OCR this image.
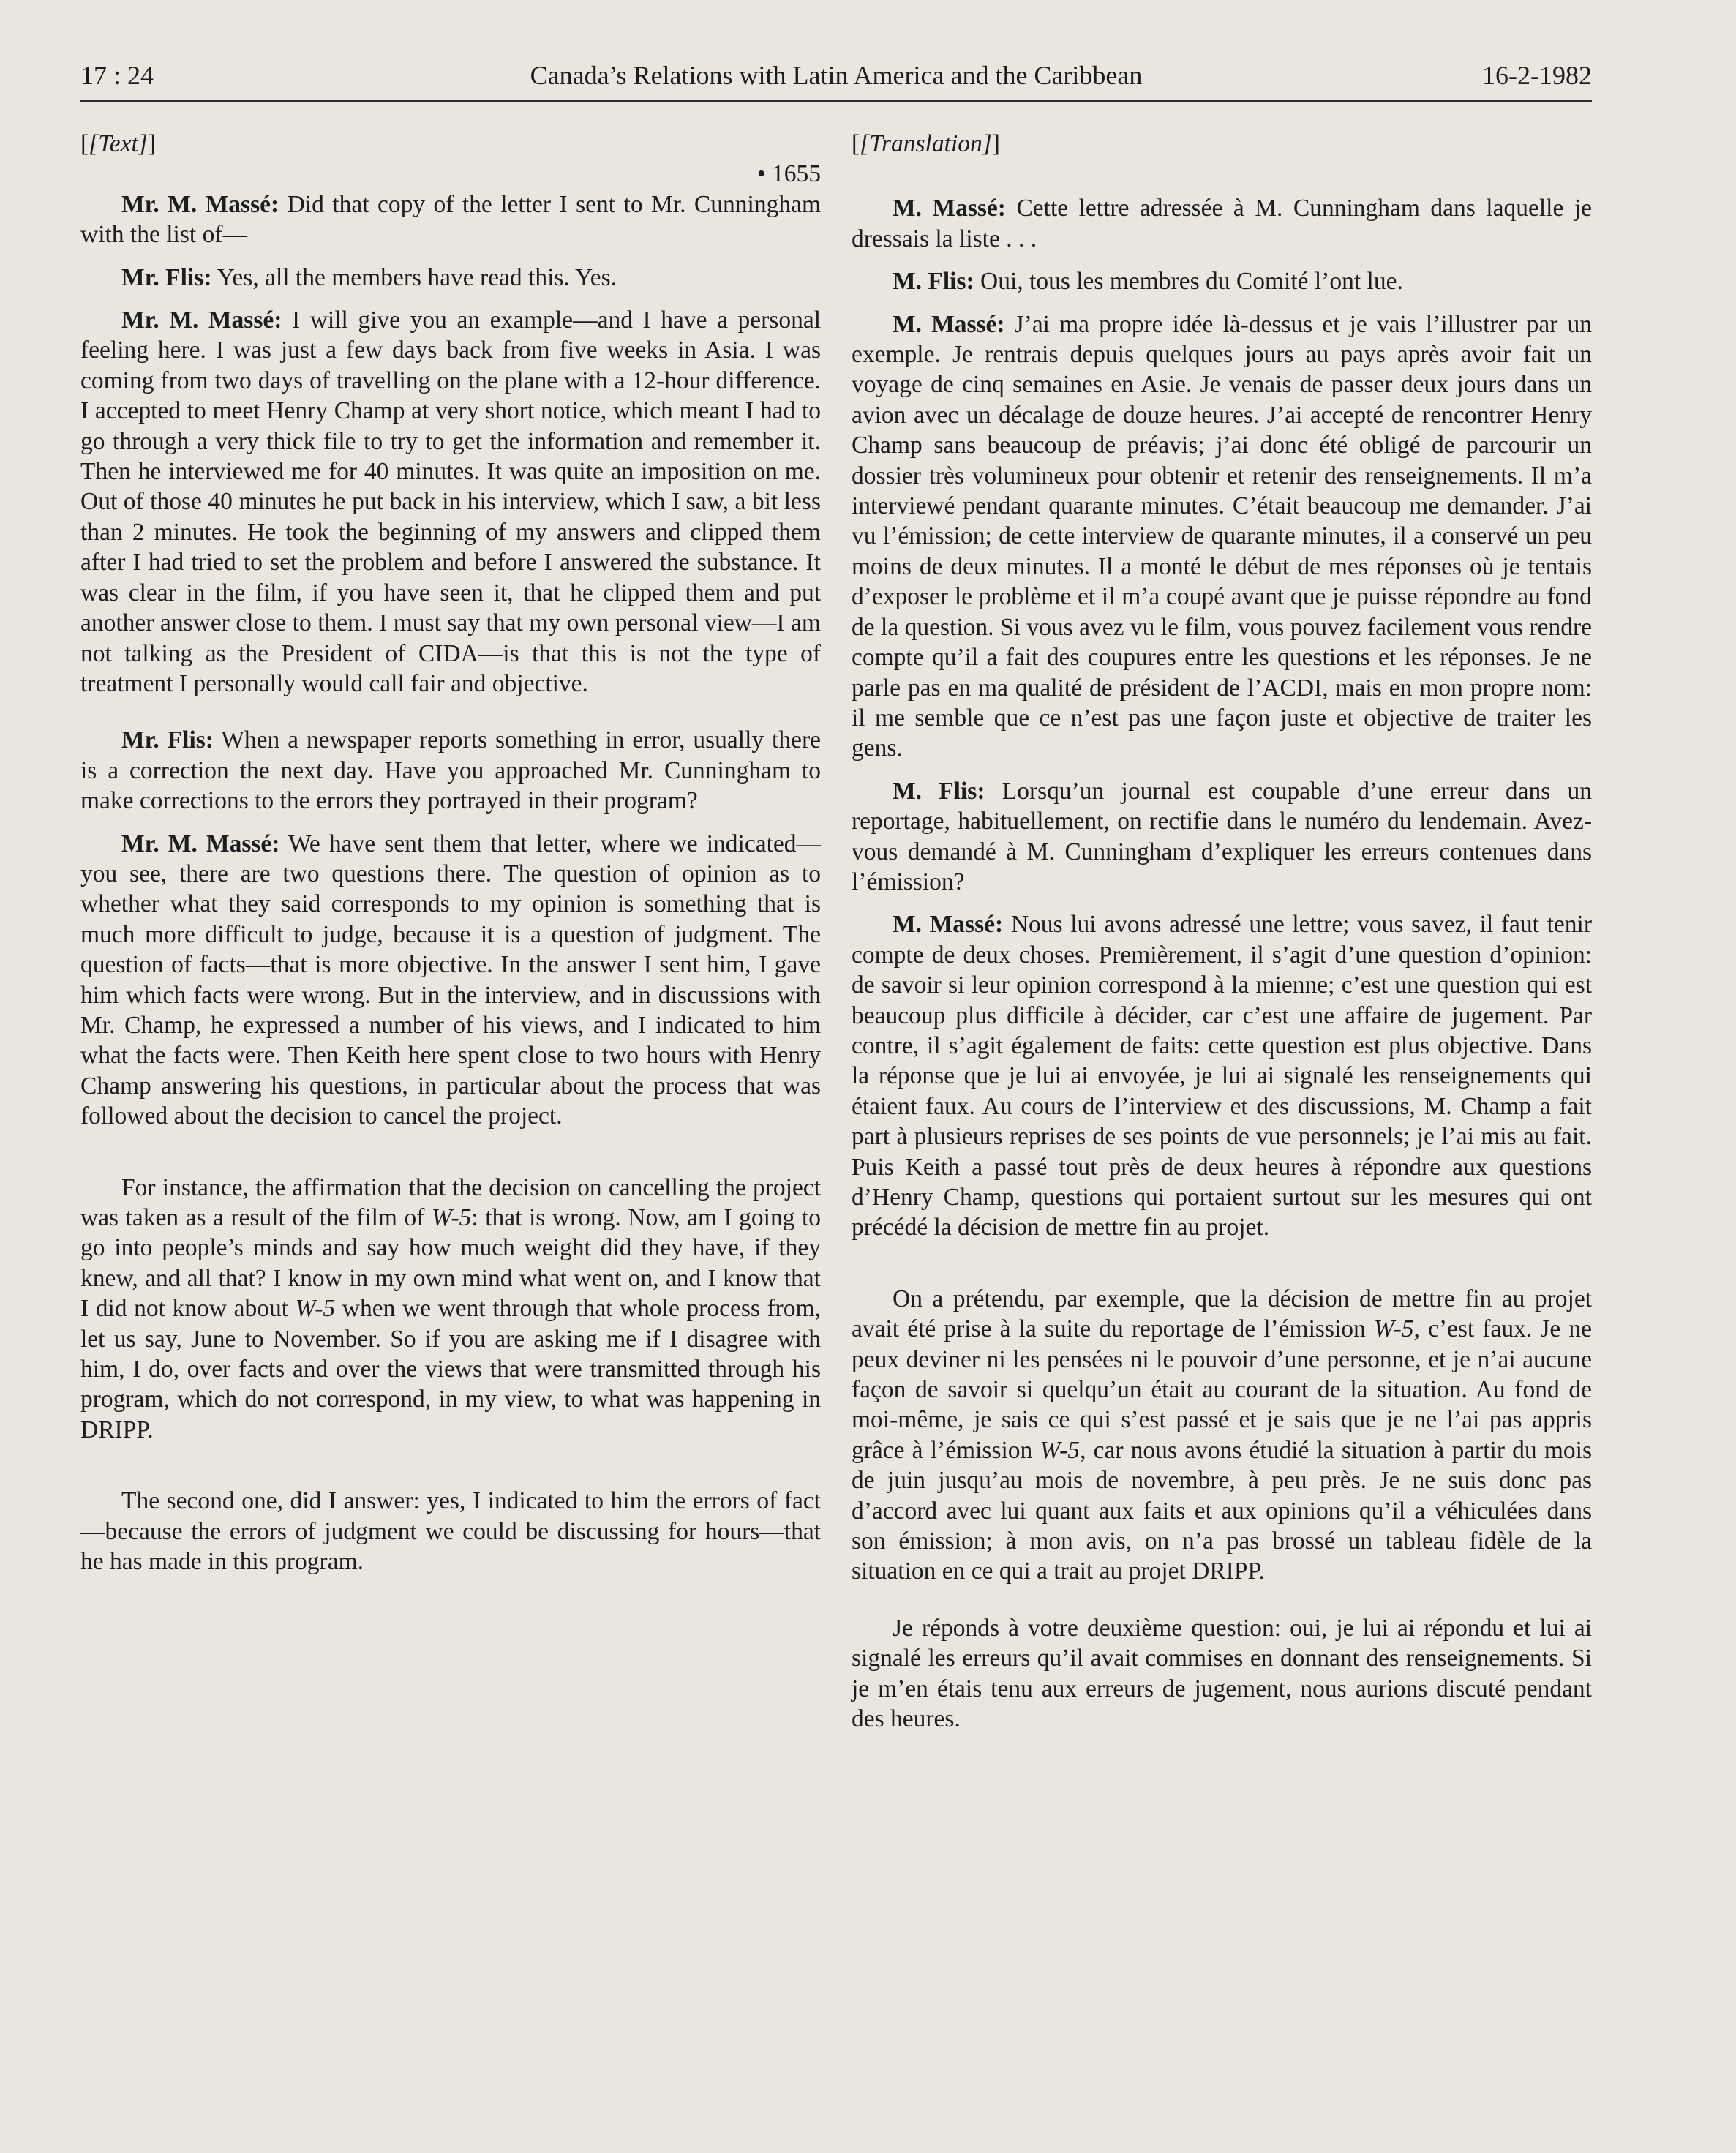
17 : 24	Canada’s Relations with Latin America and the Caribbean	16-2-1982

[[Text]]

• 1655

Mr. M. Massé: Did that copy of the letter I sent to Mr. Cunningham with the list of—

Mr. Flis: Yes, all the members have read this. Yes.

Mr. M. Massé: I will give you an example—and I have a personal feeling here. I was just a few days back from five weeks in Asia. I was coming from two days of travelling on the plane with a 12-hour difference. I accepted to meet Henry Champ at very short notice, which meant I had to go through a very thick file to try to get the information and remember it. Then he interviewed me for 40 minutes. It was quite an imposition on me. Out of those 40 minutes he put back in his interview, which I saw, a bit less than 2 minutes. He took the beginning of my answers and clipped them after I had tried to set the problem and before I answered the substance. It was clear in the film, if you have seen it, that he clipped them and put another answer close to them. I must say that my own personal view—I am not talking as the President of CIDA—is that this is not the type of treatment I personally would call fair and objective.

Mr. Flis: When a newspaper reports something in error, usually there is a correction the next day. Have you approached Mr. Cunningham to make corrections to the errors they portrayed in their program?

Mr. M. Massé: We have sent them that letter, where we indicated—you see, there are two questions there. The question of opinion as to whether what they said corresponds to my opinion is something that is much more difficult to judge, because it is a question of judgment. The question of facts—that is more objective. In the answer I sent him, I gave him which facts were wrong. But in the interview, and in discussions with Mr. Champ, he expressed a number of his views, and I indicated to him what the facts were. Then Keith here spent close to two hours with Henry Champ answering his questions, in particular about the process that was followed about the decision to cancel the project.

For instance, the affirmation that the decision on cancelling the project was taken as a result of the film of W-5: that is wrong. Now, am I going to go into people’s minds and say how much weight did they have, if they knew, and all that? I know in my own mind what went on, and I know that I did not know about W-5 when we went through that whole process from, let us say, June to November. So if you are asking me if I disagree with him, I do, over facts and over the views that were transmitted through his program, which do not correspond, in my view, to what was happening in DRIPP.

The second one, did I answer: yes, I indicated to him the errors of fact—because the errors of judgment we could be discussing for hours—that he has made in this program.

[[Translation]]

M. Massé: Cette lettre adressée à M. Cunningham dans laquelle je dressais la liste . . .

M. Flis: Oui, tous les membres du Comité l’ont lue.

M. Massé: J’ai ma propre idée là-dessus et je vais l’illustrer par un exemple. Je rentrais depuis quelques jours au pays après avoir fait un voyage de cinq semaines en Asie. Je venais de passer deux jours dans un avion avec un décalage de douze heures. J’ai accepté de rencontrer Henry Champ sans beaucoup de préavis; j’ai donc été obligé de parcourir un dossier très volumineux pour obtenir et retenir des renseignements. Il m’a interviewé pendant quarante minutes. C’était beaucoup me demander. J’ai vu l’émission; de cette interview de quarante minutes, il a conservé un peu moins de deux minutes. Il a monté le début de mes réponses où je tentais d’exposer le problème et il m’a coupé avant que je puisse répondre au fond de la question. Si vous avez vu le film, vous pouvez facilement vous rendre compte qu’il a fait des coupures entre les questions et les réponses. Je ne parle pas en ma qualité de président de l’ACDI, mais en mon propre nom: il me semble que ce n’est pas une façon juste et objective de traiter les gens.

M. Flis: Lorsqu’un journal est coupable d’une erreur dans un reportage, habituellement, on rectifie dans le numéro du lendemain. Avez-vous demandé à M. Cunningham d’expliquer les erreurs contenues dans l’émission?

M. Massé: Nous lui avons adressé une lettre; vous savez, il faut tenir compte de deux choses. Premièrement, il s’agit d’une question d’opinion: de savoir si leur opinion correspond à la mienne; c’est une question qui est beaucoup plus difficile à décider, car c’est une affaire de jugement. Par contre, il s’agit également de faits: cette question est plus objective. Dans la réponse que je lui ai envoyée, je lui ai signalé les renseignements qui étaient faux. Au cours de l’interview et des discussions, M. Champ a fait part à plusieurs reprises de ses points de vue personnels; je l’ai mis au fait. Puis Keith a passé tout près de deux heures à répondre aux questions d’Henry Champ, questions qui portaient surtout sur les mesures qui ont précédé la décision de mettre fin au projet.

On a prétendu, par exemple, que la décision de mettre fin au projet avait été prise à la suite du reportage de l’émission W-5, c’est faux. Je ne peux deviner ni les pensées ni le pouvoir d’une personne, et je n’ai aucune façon de savoir si quelqu’un était au courant de la situation. Au fond de moi-même, je sais ce qui s’est passé et je sais que je ne l’ai pas appris grâce à l’émission W-5, car nous avons étudié la situation à partir du mois de juin jusqu’au mois de novembre, à peu près. Je ne suis donc pas d’accord avec lui quant aux faits et aux opinions qu’il a véhiculées dans son émission; à mon avis, on n’a pas brossé un tableau fidèle de la situation en ce qui a trait au projet DRIPP.

Je réponds à votre deuxième question: oui, je lui ai répondu et lui ai signalé les erreurs qu’il avait commises en donnant des renseignements. Si je m’en étais tenu aux erreurs de jugement, nous aurions discuté pendant des heures.
